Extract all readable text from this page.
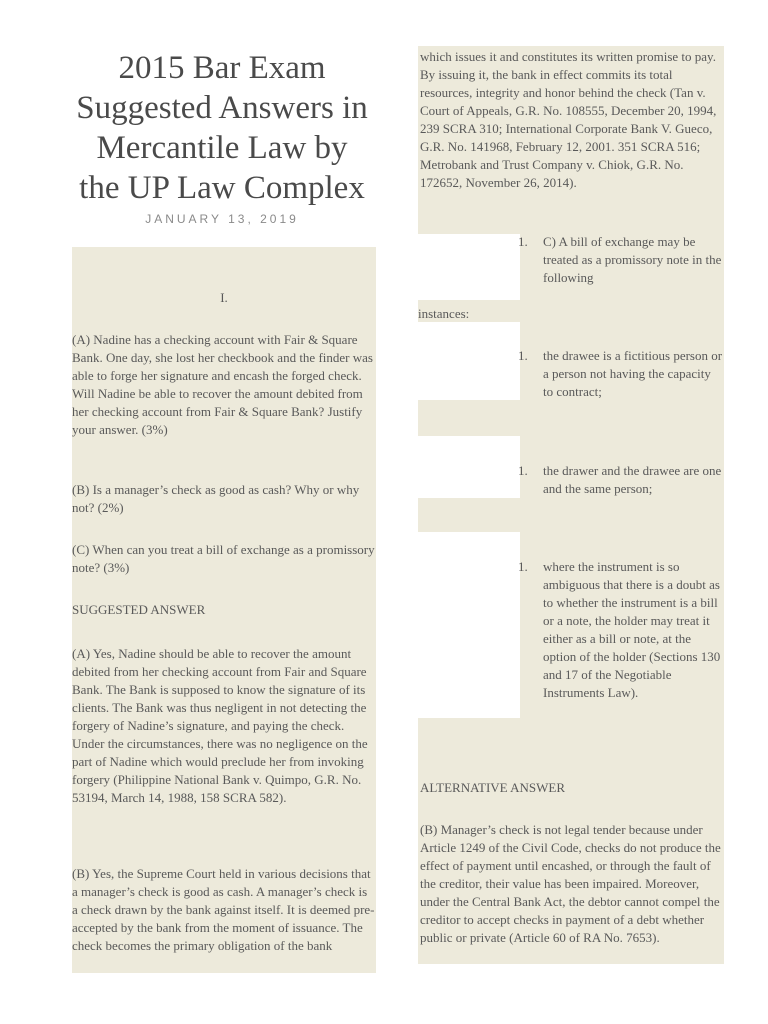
2015 Bar Exam
Suggested Answers in
Mercantile Law by
the UP Law Complex
JANUARY 13, 2019
I.

(A) Nadine has a checking account with Fair & Square Bank. One day, she lost her checkbook and the finder was able to forge her signature and encash the forged check. Will Nadine be able to recover the amount debited from her checking account from Fair & Square Bank? Justify your answer. (3%)

(B) Is a manager’s check as good as cash? Why or why not? (2%)

(C) When can you treat a bill of exchange as a promissory note? (3%)

SUGGESTED ANSWER

(A) Yes, Nadine should be able to recover the amount debited from her checking account from Fair and Square Bank. The Bank is supposed to know the signature of its clients. The Bank was thus negligent in not detecting the forgery of Nadine’s signature, and paying the check. Under the circumstances, there was no negligence on the part of Nadine which would preclude her from invoking forgery (Philippine National Bank v. Quimpo, G.R. No. 53194, March 14, 1988, 158 SCRA 582).

(B) Yes, the Supreme Court held in various decisions that a manager’s check is good as cash. A manager’s check is a check drawn by the bank against itself. It is deemed pre-accepted by the bank from the moment of issuance. The check becomes the primary obligation of the bank

which issues it and constitutes its written promise to pay. By issuing it, the bank in effect commits its total resources, integrity and honor behind the check (Tan v. Court of Appeals, G.R. No. 108555, December 20, 1994, 239 SCRA 310; International Corporate Bank V. Gueco, G.R. No. 141968, February 12, 2001. 351 SCRA 516; Metrobank and Trust Company v. Chiok, G.R. No. 172652, November 26, 2014).

1. C) A bill of exchange may be treated as a promissory note in the following

instances:

1. the drawee is a fictitious person or a person not having the capacity to contract;

1. the drawer and the drawee are one and the same person;

1. where the instrument is so ambiguous that there is a doubt as to whether the instrument is a bill or a note, the holder may treat it either as a bill or note, at the option of the holder (Sections 130 and 17 of the Negotiable Instruments Law).

ALTERNATIVE ANSWER

(B) Manager’s check is not legal tender because under Article 1249 of the Civil Code, checks do not produce the effect of payment until encashed, or through the fault of the creditor, their value has been impaired. Moreover, under the Central Bank Act, the debtor cannot compel the creditor to accept checks in payment of a debt whether public or private (Article 60 of RA No. 7653).
